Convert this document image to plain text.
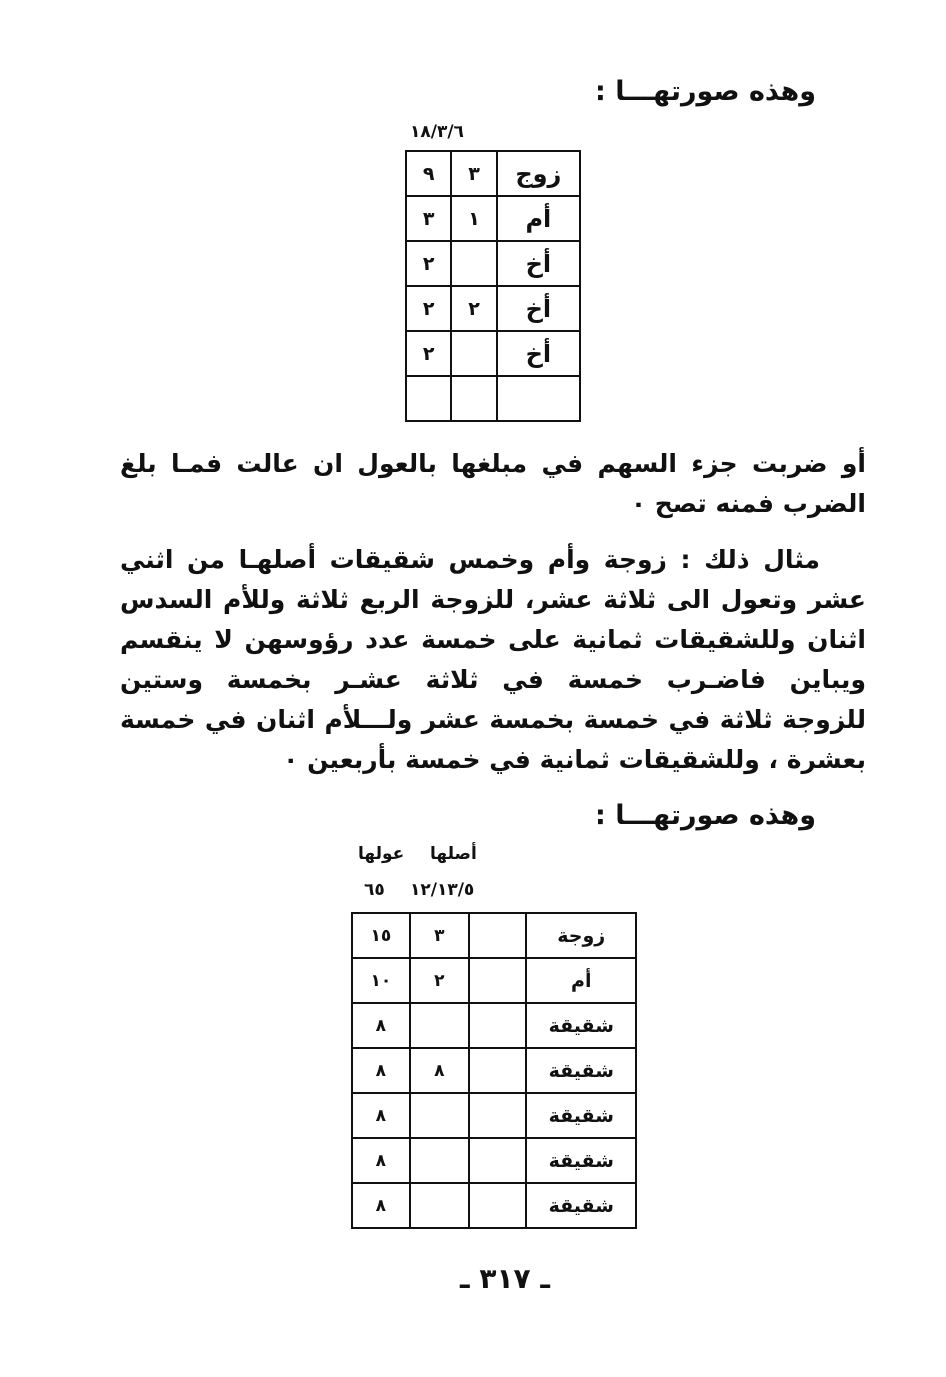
وهذه صورتهـــا :
١٨/٣/٦
زوج	٣	٩
أم	١	٣
أخ		٢
أخ	٢	٢
أخ		٢

أو ضربت جزء السهم في مبلغها بالعول ان عالت فمـا بلغ
الضرب فمنه تصح ٠
مثال ذلك : زوجة وأم وخمس شقيقات أصلهـا من اثني
عشر وتعول الى ثلاثة عشر، للزوجة الربع ثلاثة وللأم السدس
اثنان وللشقيقات ثمانية على خمسة عدد رؤوسهن لا ينقسم
ويباين فاضـرب خمسة في ثلاثة عشـر بخمسة وستين
للزوجة ثلاثة في خمسة بخمسة عشر ولـــلأم اثنان في خمسة
بعشرة ، وللشقيقات ثمانية في خمسة بأربعين ٠
وهذه صورتهـــا :
أصلها
عولها
١٢/١٣/٥
٦٥
زوجة		٣	١٥
أم		٢	١٠
شقيقة			٨
شقيقة		٨	٨
شقيقة			٨
شقيقة			٨
شقيقة			٨
ـ ٣١٧ ـ
